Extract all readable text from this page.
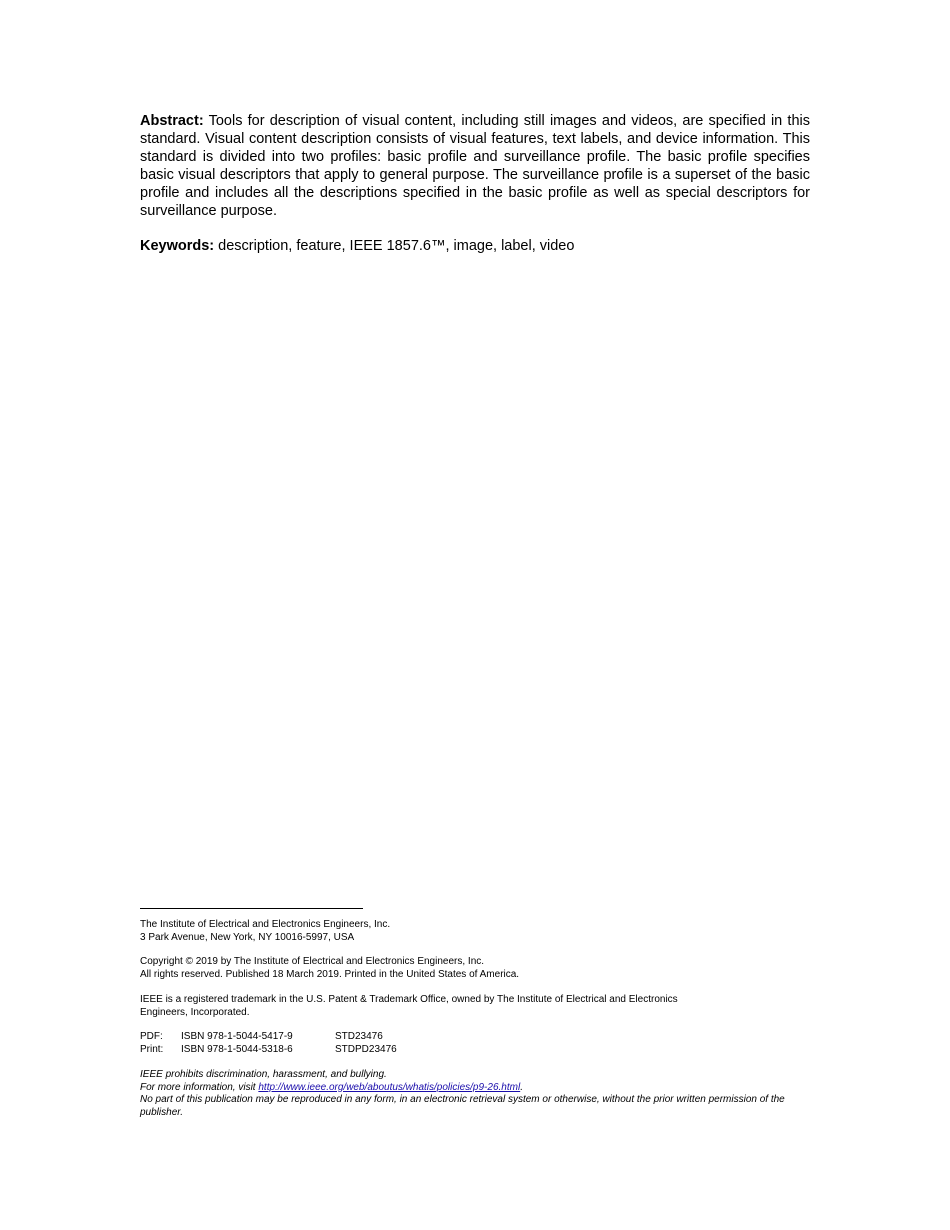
Abstract: Tools for description of visual content, including still images and videos, are specified in this standard. Visual content description consists of visual features, text labels, and device information. This standard is divided into two profiles: basic profile and surveillance profile. The basic profile specifies basic visual descriptors that apply to general purpose. The surveillance profile is a superset of the basic profile and includes all the descriptions specified in the basic profile as well as special descriptors for surveillance purpose.

Keywords: description, feature, IEEE 1857.6™, image, label, video

The Institute of Electrical and Electronics Engineers, Inc.
3 Park Avenue, New York, NY 10016-5997, USA
Copyright © 2019 by The Institute of Electrical and Electronics Engineers, Inc.
All rights reserved. Published 18 March 2019. Printed in the United States of America.
IEEE is a registered trademark in the U.S. Patent & Trademark Office, owned by The Institute of Electrical and Electronics
Engineers, Incorporated.
PDF:	ISBN 978-1-5044-5417-9	STD23476
Print:	ISBN 978-1-5044-5318-6	STDPD23476
IEEE prohibits discrimination, harassment, and bullying.
For more information, visit http://www.ieee.org/web/aboutus/whatis/policies/p9-26.html.
No part of this publication may be reproduced in any form, in an electronic retrieval system or otherwise, without the prior written permission of the publisher.
